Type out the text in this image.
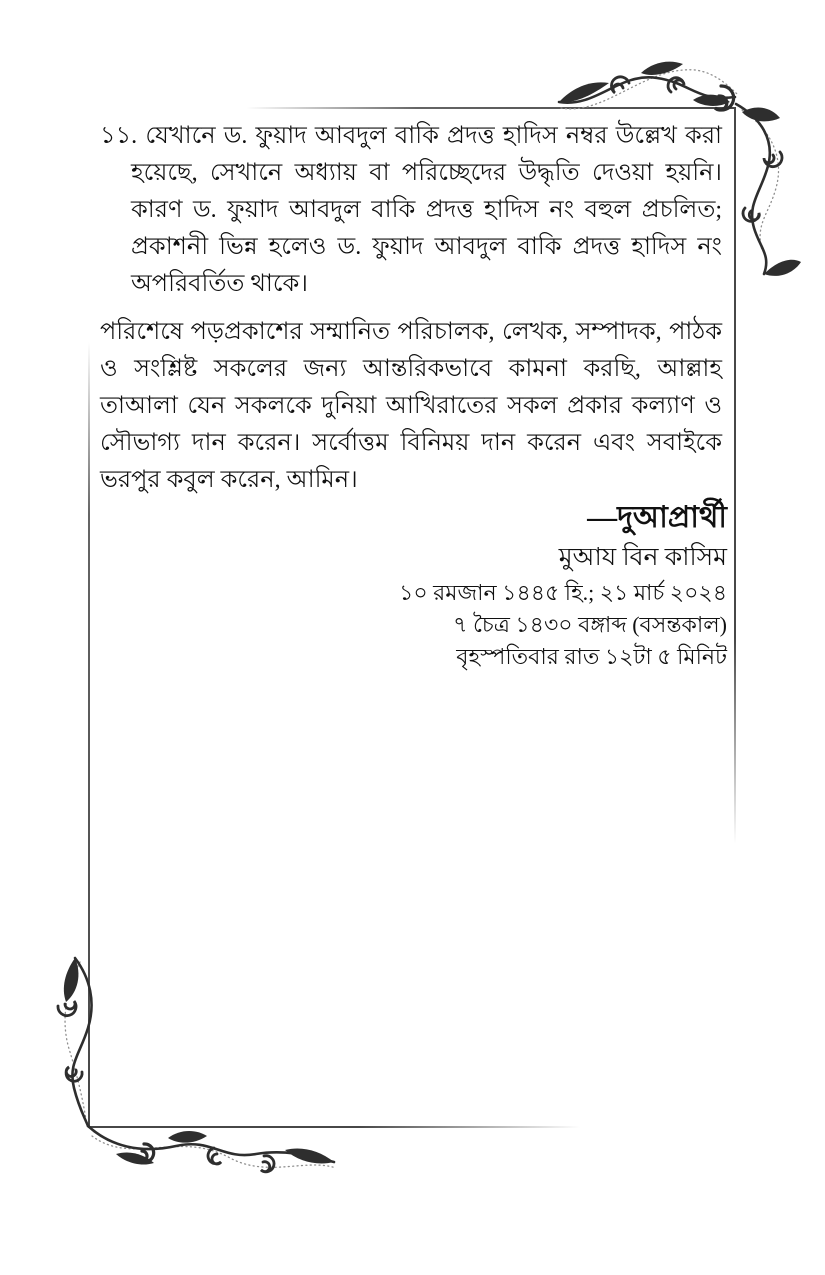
১১. যেখানে ড. ফুয়াদ আবদুল বাকি প্রদত্ত হাদিস নম্বর উল্লেখ করা হয়েছে, সেখানে অধ্যায় বা পরিচ্ছেদের উদ্ধৃতি দেওয়া হয়নি। কারণ ড. ফুয়াদ আবদুল বাকি প্রদত্ত হাদিস নং বহুল প্রচলিত; প্রকাশনী ভিন্ন হলেও ড. ফুয়াদ আবদুল বাকি প্রদত্ত হাদিস নং অপরিবর্তিত থাকে।

পরিশেষে পড়প্রকাশের সম্মানিত পরিচালক, লেখক, সম্পাদক, পাঠক ও সংশ্লিষ্ট সকলের জন্য আন্তরিকভাবে কামনা করছি, আল্লাহ তাআলা যেন সকলকে দুনিয়া আখিরাতের সকল প্রকার কল্যাণ ও সৌভাগ্য দান করেন। সর্বোত্তম বিনিময় দান করেন এবং সবাইকে ভরপুর কবুল করেন, আমিন।

—দুআপ্রার্থী
মুআয বিন কাসিম
১০ রমজান ১৪৪৫ হি.; ২১ মার্চ ২০২৪
৭ চৈত্র ১৪৩০ বঙ্গাব্দ (বসন্তকাল)
বৃহস্পতিবার রাত ১২টা ৫ মিনিট
